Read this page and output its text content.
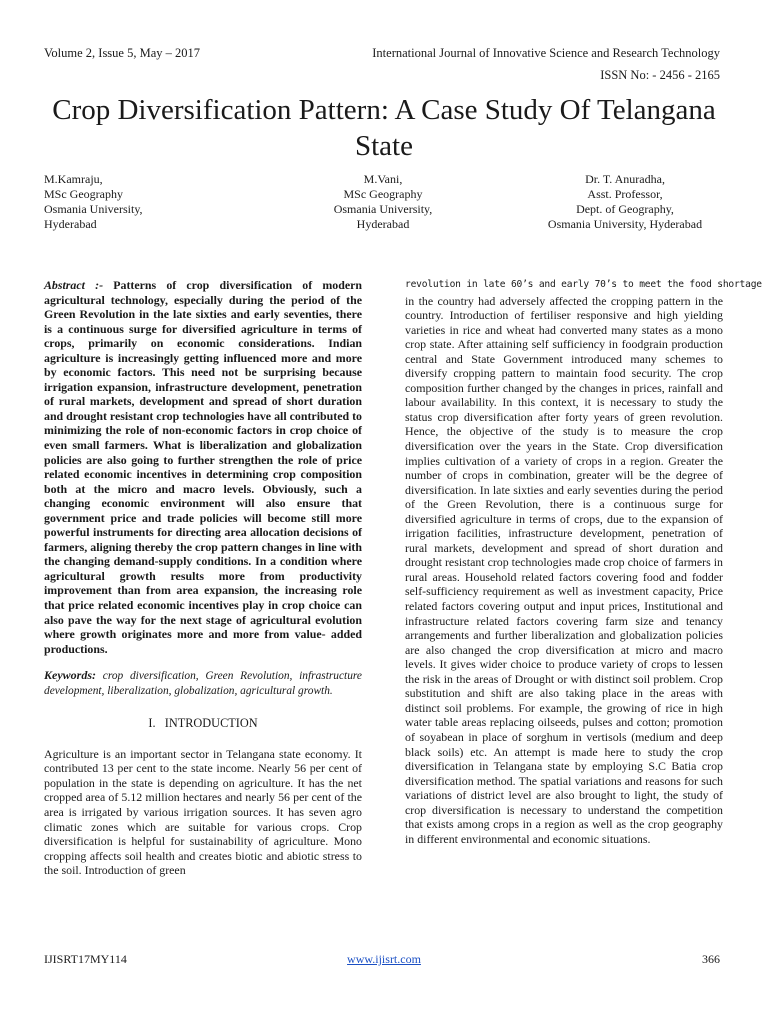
Volume 2, Issue 5, May – 2017	International Journal of Innovative Science and Research Technology
ISSN No: - 2456 - 2165
Crop Diversification Pattern: A Case Study Of Telangana State
M.Kamraju,
MSc Geography
Osmania University,
Hyderabad
M.Vani,
MSc Geography
Osmania University,
Hyderabad
Dr. T. Anuradha,
Asst. Professor,
Dept. of Geography,
Osmania University, Hyderabad

Abstract :- Patterns of crop diversification of modern agricultural technology, especially during the period of the Green Revolution in the late sixties and early seventies, there is a continuous surge for diversified agriculture in terms of crops, primarily on economic considerations. Indian agriculture is increasingly getting influenced more and more by economic factors. This need not be surprising because irrigation expansion, infrastructure development, penetration of rural markets, development and spread of short duration and drought resistant crop technologies have all contributed to minimizing the role of non-economic factors in crop choice of even small farmers. What is liberalization and globalization policies are also going to further strengthen the role of price related economic incentives in determining crop composition both at the micro and macro levels. Obviously, such a changing economic environment will also ensure that government price and trade policies will become still more powerful instruments for directing area allocation decisions of farmers, aligning thereby the crop pattern changes in line with the changing demand-supply conditions. In a condition where agricultural growth results more from productivity improvement than from area expansion, the increasing role that price related economic incentives play in crop choice can also pave the way for the next stage of agricultural evolution where growth originates more and more from value- added productions.

Keywords: crop diversification, Green Revolution, infrastructure development, liberalization, globalization, agricultural growth.

I.   INTRODUCTION

Agriculture is an important sector in Telangana state economy. It contributed 13 per cent to the state income. Nearly 56 per cent of population in the state is depending on agriculture. It has the net cropped area of 5.12 million hectares and nearly 56 per cent of the area is irrigated by various irrigation sources. It has seven agro climatic zones which are suitable for various crops. Crop diversification is helpful for sustainability of agriculture. Mono cropping affects soil health and creates biotic and abiotic stress to the soil. Introduction of green

revolution in late 60’s and early 70’s to meet the food shortage

in the country had adversely affected the cropping pattern in the country. Introduction of fertiliser responsive and high yielding varieties in rice and wheat had converted many states as a mono crop state. After attaining self sufficiency in foodgrain production central and State Government introduced many schemes to diversify cropping pattern to maintain food security. The crop composition further changed by the changes in prices, rainfall and labour availability. In this context, it is necessary to study the status crop diversification after forty years of green revolution. Hence, the objective of the study is to measure the crop diversification over the years in the State. Crop diversification implies cultivation of a variety of crops in a region. Greater the number of crops in combination, greater will be the degree of diversification. In late sixties and early seventies during the period of the Green Revolution, there is a continuous surge for diversified agriculture in terms of crops, due to the expansion of irrigation facilities, infrastructure development, penetration of rural markets, development and spread of short duration and drought resistant crop technologies made crop choice of farmers in rural areas. Household related factors covering food and fodder self-sufficiency requirement as well as investment capacity, Price related factors covering output and input prices, Institutional and infrastructure related factors covering farm size and tenancy arrangements and further liberalization and globalization policies are also changed the crop diversification at micro and macro levels. It gives wider choice to produce variety of crops to lessen the risk in the areas of Drought or with distinct soil problem. Crop substitution and shift are also taking place in the areas with distinct soil problems. For example, the growing of rice in high water table areas replacing oilseeds, pulses and cotton; promotion of soyabean in place of sorghum in vertisols (medium and deep black soils) etc. An attempt is made here to study the crop diversification in Telangana state by employing S.C Batia crop diversification method. The spatial variations and reasons for such variations of district level are also brought to light, the study of crop diversification is necessary to understand the competition that exists among crops in a region as well as the crop geography in different environmental and economic situations.

IJISRT17MY114	www.ijisrt.com	366
